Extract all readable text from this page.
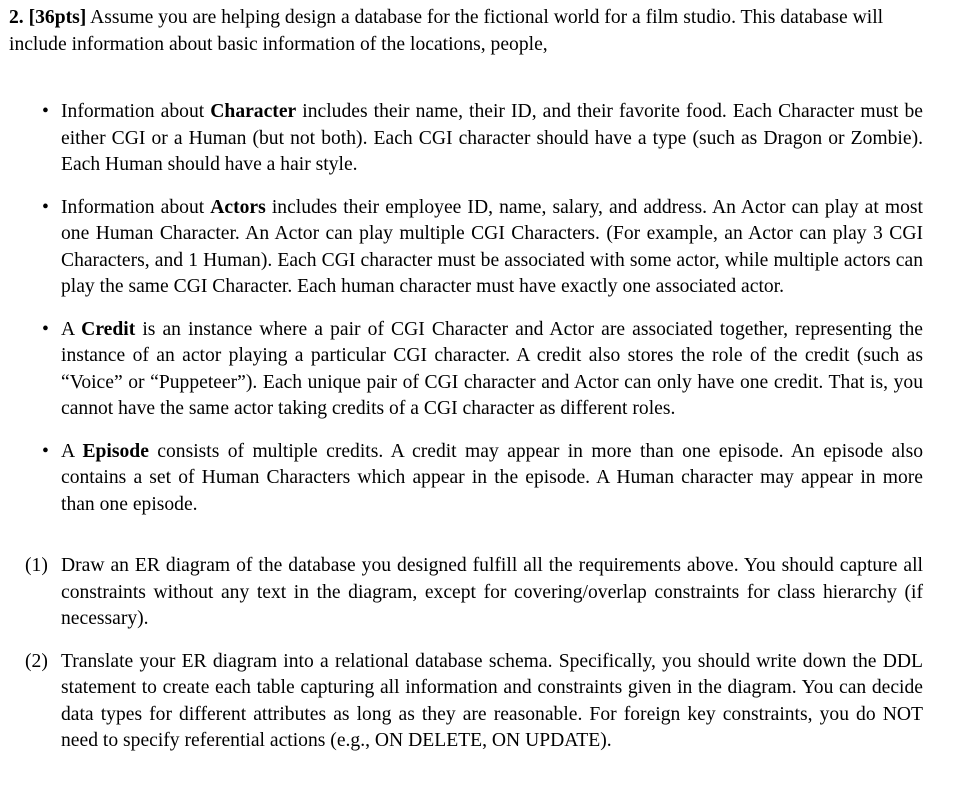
2. [36pts] Assume you are helping design a database for the fictional world for a film studio. This database will include information about basic information of the locations, people,

• Information about Character includes their name, their ID, and their favorite food. Each Character must be either CGI or a Human (but not both). Each CGI character should have a type (such as Dragon or Zombie). Each Human should have a hair style.
• Information about Actors includes their employee ID, name, salary, and address. An Actor can play at most one Human Character. An Actor can play multiple CGI Characters. (For example, an Actor can play 3 CGI Characters, and 1 Human). Each CGI character must be associated with some actor, while multiple actors can play the same CGI Character. Each human character must have exactly one associated actor.
• A Credit is an instance where a pair of CGI Character and Actor are associated together, representing the instance of an actor playing a particular CGI character. A credit also stores the role of the credit (such as “Voice” or “Puppeteer”). Each unique pair of CGI character and Actor can only have one credit. That is, you cannot have the same actor taking credits of a CGI character as different roles.
• A Episode consists of multiple credits. A credit may appear in more than one episode. An episode also contains a set of Human Characters which appear in the episode. A Human character may appear in more than one episode.
(1) Draw an ER diagram of the database you designed fulfill all the requirements above. You should capture all constraints without any text in the diagram, except for covering/overlap constraints for class hierarchy (if necessary).
(2) Translate your ER diagram into a relational database schema. Specifically, you should write down the DDL statement to create each table capturing all information and constraints given in the diagram. You can decide data types for different attributes as long as they are reasonable. For foreign key constraints, you do NOT need to specify referential actions (e.g., ON DELETE, ON UPDATE).
